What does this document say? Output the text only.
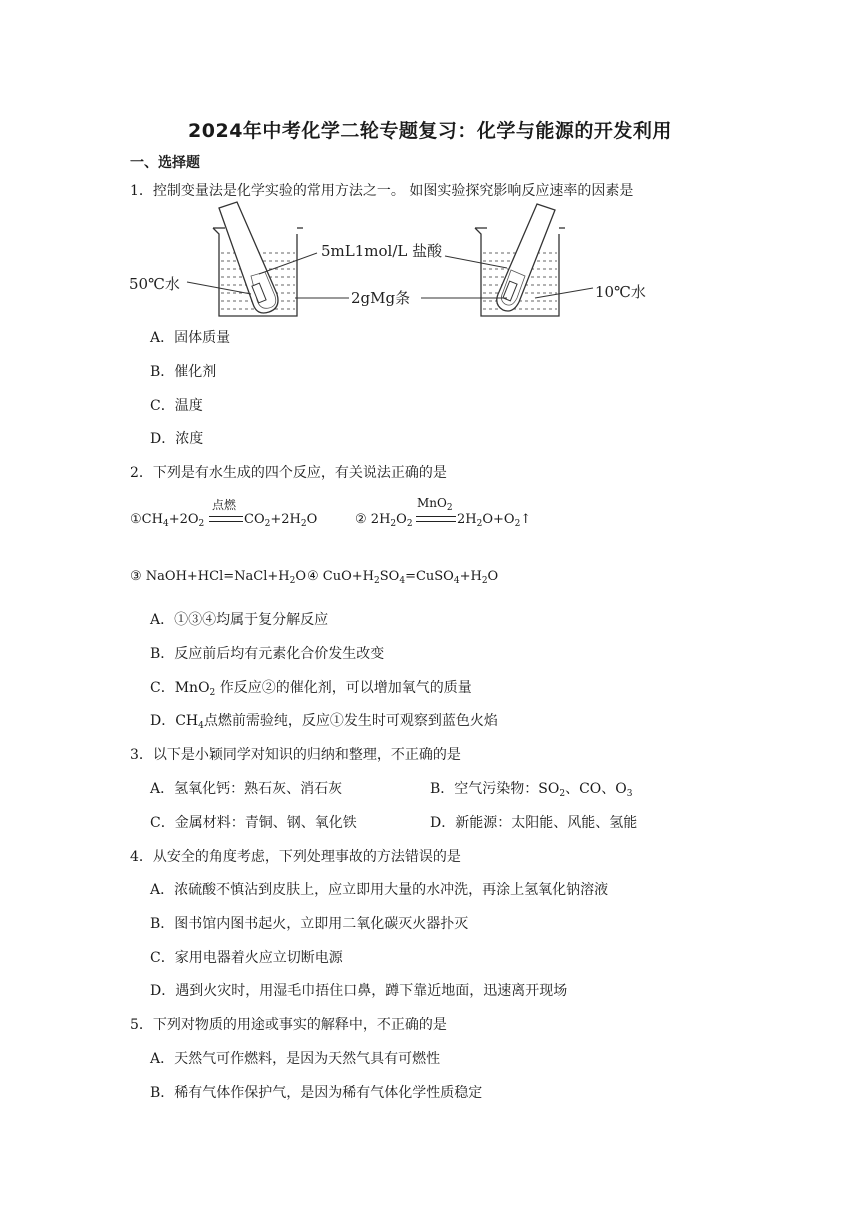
2024年中考化学二轮专题复习：化学与能源的开发利用
一、选择题
1．控制变量法是化学实验的常用方法之一。 如图实验探究影响反应速率的因素是
5mL1mol/L 盐酸
2gMg条
50℃水	10℃水
A．固体质量
B．催化剂
C．温度
D．浓度
2．下列是有水生成的四个反应，有关说法正确的是
$①CH_4+2O_2$
点燃
$CO_2+2H_2O$	② $2H_2O_2$
MnO$_2$
$2H_2O+O_2↑$
③ $NaOH+HCl=NaCl+H_2O$ ④ $CuO+H_2SO_4=CuSO_4+H_2O$
A．①③④均属于复分解反应
B．反应前后均有元素化合价发生改变
C．MnO$_2$ 作反应②的催化剂，可以增加氧气的质量
D．$CH_4$点燃前需验纯，反应①发生时可观察到蓝色火焰
3．以下是小颖同学对知识的归纳和整理，不正确的是
A．氢氧化钙：熟石灰、消石灰	B．空气污染物：$SO_2$、CO、$O_3$
C．金属材料：青铜、钢、氧化铁	D．新能源：太阳能、风能、氢能
4．从安全的角度考虑，下列处理事故的方法错误的是
A．浓硫酸不慎沾到皮肤上，应立即用大量的水冲洗，再涂上氢氧化钠溶液
B．图书馆内图书起火，立即用二氧化碳灭火器扑灭
C．家用电器着火应立切断电源
D．遇到火灾时，用湿毛巾捂住口鼻，蹲下靠近地面，迅速离开现场
5．下列对物质的用途或事实的解释中，不正确的是
A．天然气可作燃料，是因为天然气具有可燃性
B．稀有气体作保护气，是因为稀有气体化学性质稳定
